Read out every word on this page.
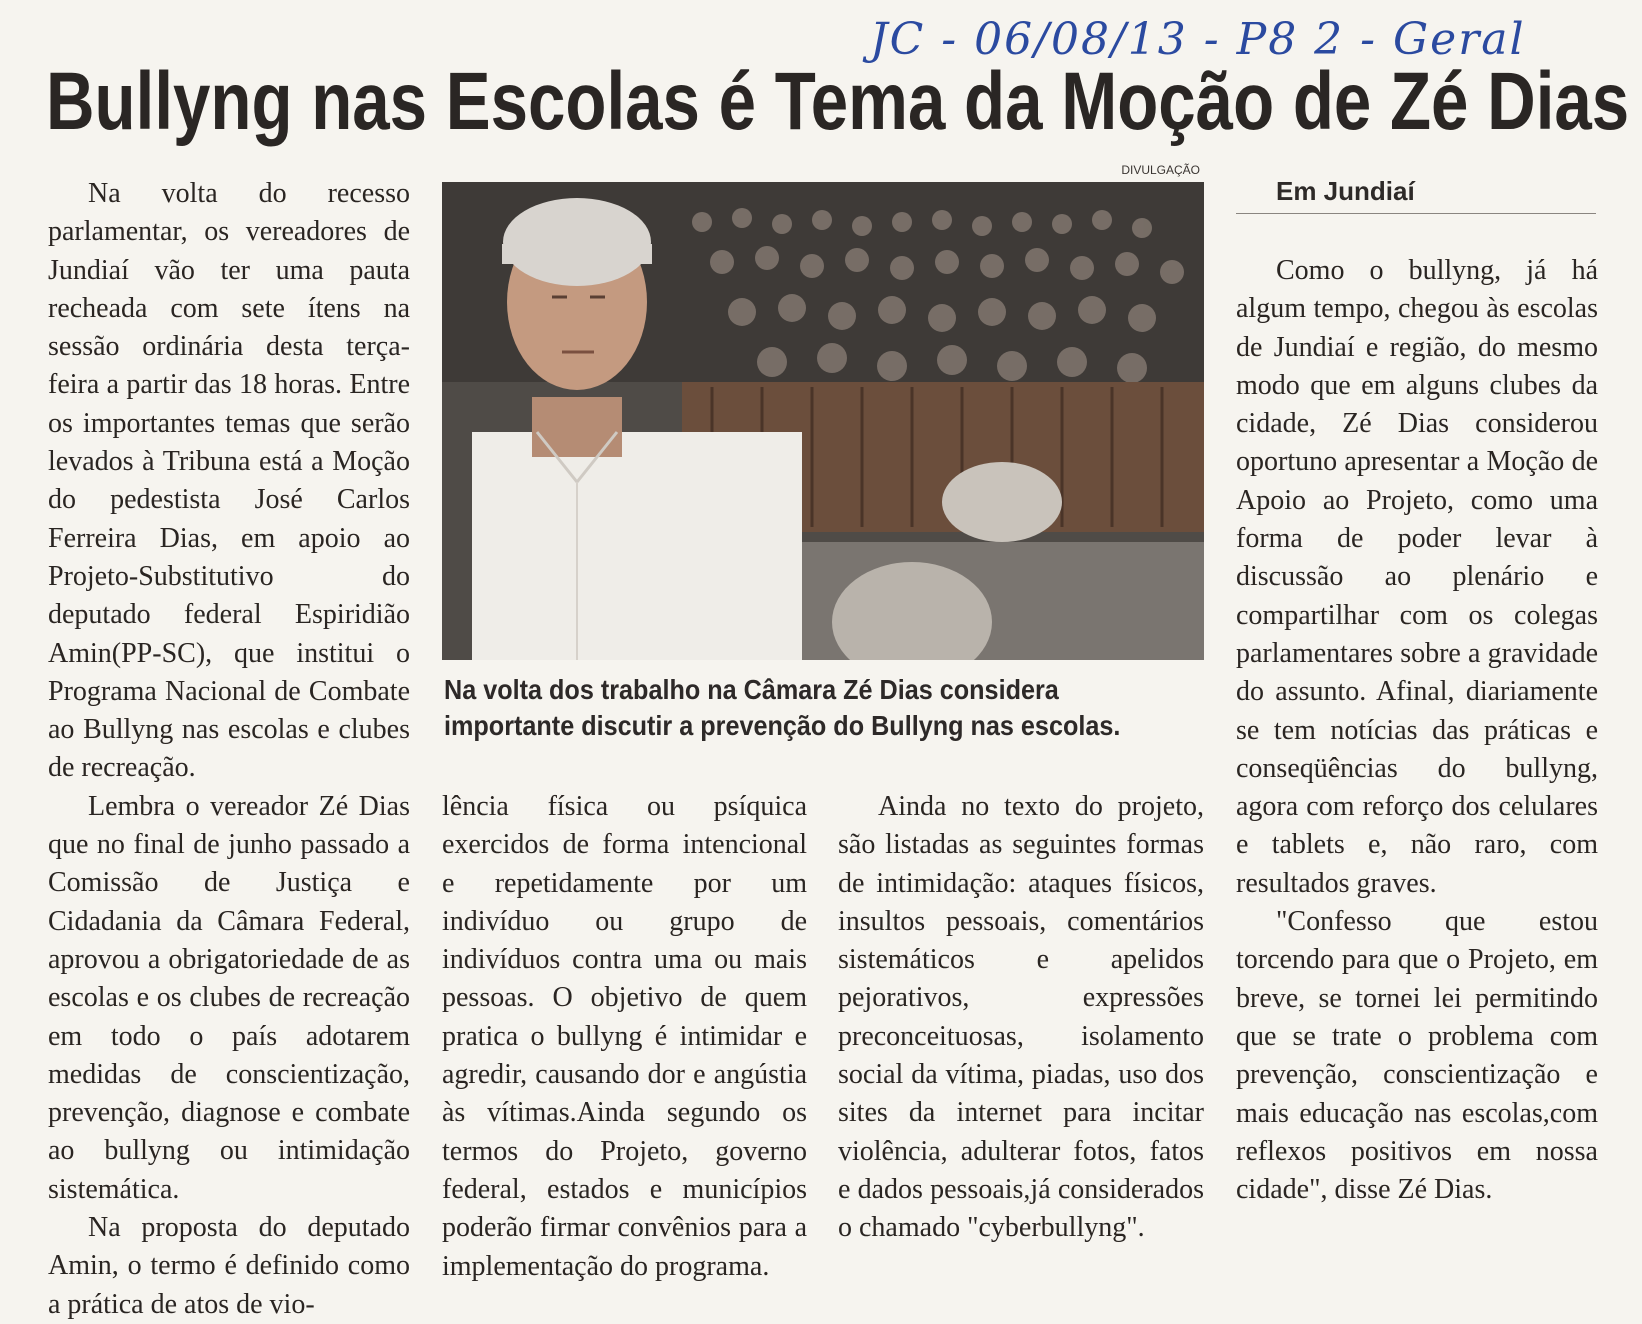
JC - 06/08/13 - P8 2 - Geral
Bullyng nas Escolas é Tema da Moção de Zé Dias

Na volta do recesso parlamentar, os vereadores de Jundiaí vão ter uma pauta recheada com sete ítens na sessão ordinária desta terça-feira a partir das 18 horas. Entre os importantes temas que serão levados à Tribuna está a Moção do pedestista José Carlos Ferreira Dias, em apoio ao Projeto-Substitutivo do deputado federal Espiridião Amin(PP-SC), que institui o Programa Nacional de Combate ao Bullyng nas escolas e clubes de recreação.

Lembra o vereador Zé Dias que no final de junho passado a Comissão de Justiça e Cidadania da Câmara Federal, aprovou a obrigatoriedade de as escolas e os clubes de recreação em todo o país adotarem medidas de conscientização, prevenção, diagnose e combate ao bullyng ou intimidação sistemática.

Na proposta do deputado Amin, o termo é definido como a prática de atos de vio-

DIVULGAÇÃO
Na volta dos trabalho na Câmara Zé Dias considera
importante discutir a prevenção do Bullyng nas escolas.

lência física ou psíquica exercidos de forma intencional e repetidamente por um indivíduo ou grupo de indivíduos contra uma ou mais pessoas. O objetivo de quem pratica o bullyng é intimidar e agredir, causando dor e angústia às vítimas.Ainda segundo os termos do Projeto, governo federal, estados e municípios poderão firmar convênios para a implementação do programa.

Ainda no texto do projeto, são listadas as seguintes formas de intimidação: ataques físicos, insultos pessoais, comentários sistemáticos e apelidos pejorativos, expressões preconceituosas, isolamento social da vítima, piadas, uso dos sites da internet para incitar violência, adulterar fotos, fatos e dados pessoais,já considerados o chamado "cyberbullyng".

Em Jundiaí

Como o bullyng, já há algum tempo, chegou às escolas de Jundiaí e região, do mesmo modo que em alguns clubes da cidade, Zé Dias considerou oportuno apresentar a Moção de Apoio ao Projeto, como uma forma de poder levar à discussão ao plenário e compartilhar com os colegas parlamentares sobre a gravidade do assunto. Afinal, diariamente se tem notícias das práticas e conseqüências do bullyng, agora com reforço dos celulares e tablets e, não raro, com resultados graves.

"Confesso que estou torcendo para que o Projeto, em breve, se tornei lei permitindo que se trate o problema com prevenção, conscientização e mais educação nas escolas,com reflexos positivos em nossa cidade", disse Zé Dias.
